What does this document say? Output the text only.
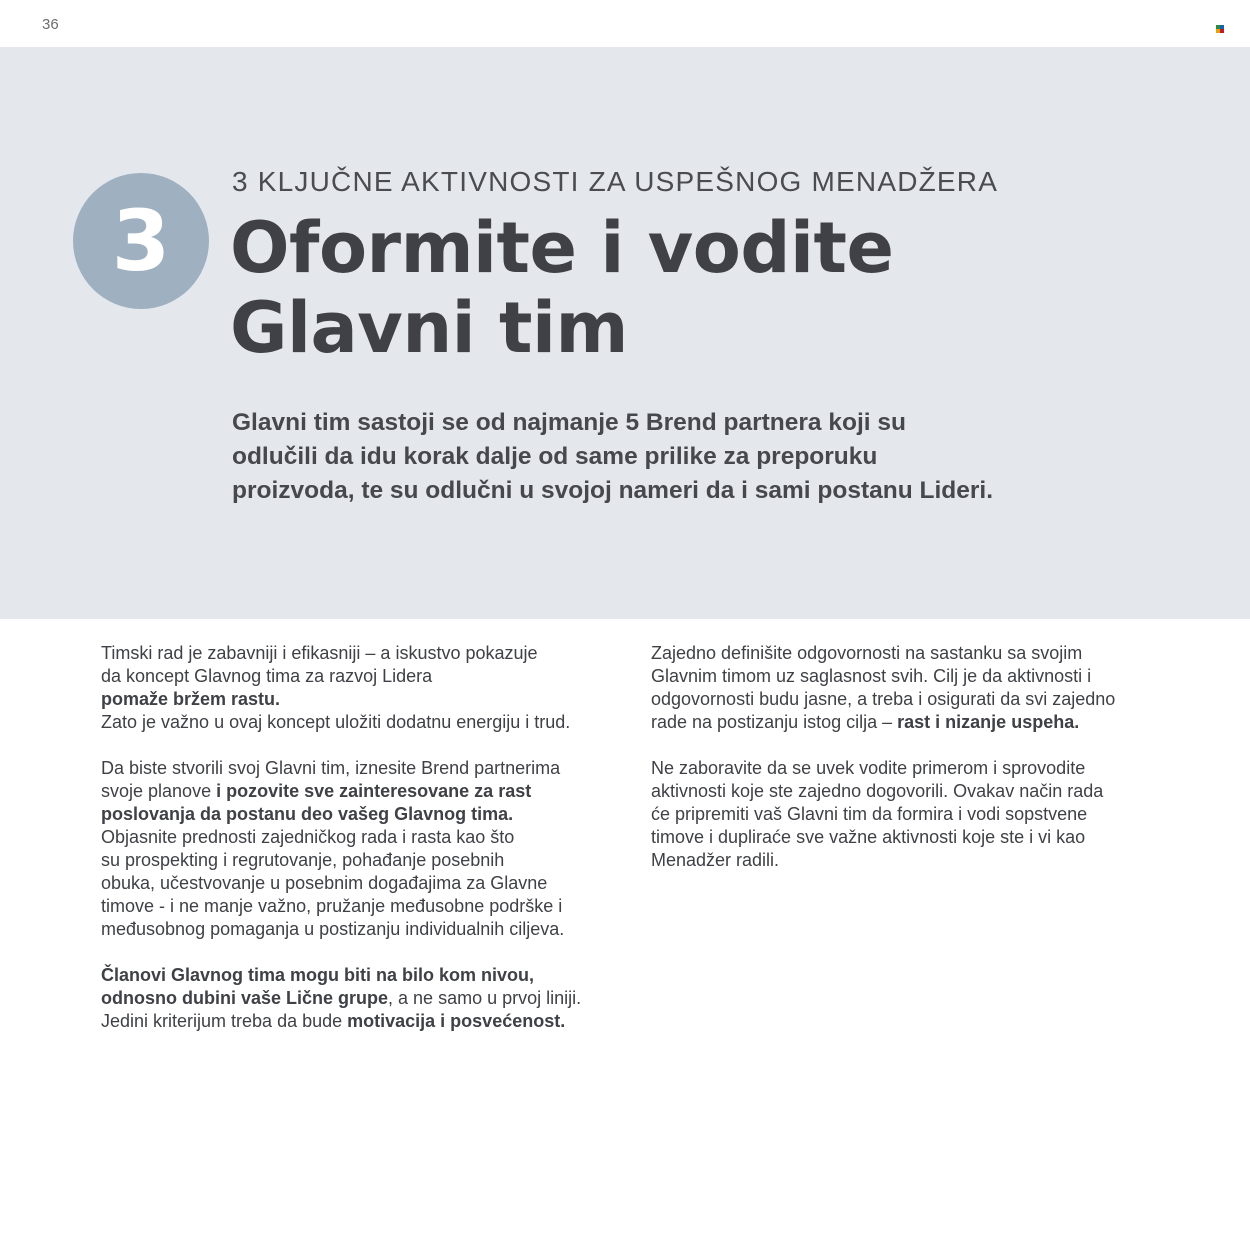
36
3
3 KLJUČNE AKTIVNOSTI ZA USPEŠNOG MENADŽERA
Oformite i vodite
Glavni tim

Glavni tim sastoji se od najmanje 5 Brend partnera koji su
odlučili da idu korak dalje od same prilike za preporuku
proizvoda, te su odlučni u svojoj nameri da i sami postanu Lideri.

Timski rad je zabavniji i efikasniji – a iskustvo pokazuje
da koncept Glavnog tima za razvoj Lidera
pomaže bržem rastu.
Zato je važno u ovaj koncept uložiti dodatnu energiju i trud.

Da biste stvorili svoj Glavni tim, iznesite Brend partnerima
svoje planove i pozovite sve zainteresovane za rast
poslovanja da postanu deo vašeg Glavnog tima.
Objasnite prednosti zajedničkog rada i rasta kao što
su prospekting i regrutovanje, pohađanje posebnih
obuka, učestvovanje u posebnim događajima za Glavne
timove - i ne manje važno, pružanje međusobne podrške i
međusobnog pomaganja u postizanju individualnih ciljeva.

Članovi Glavnog tima mogu biti na bilo kom nivou,
odnosno dubini vaše Lične grupe, a ne samo u prvoj liniji.
Jedini kriterijum treba da bude motivacija i posvećenost.

Zajedno definišite odgovornosti na sastanku sa svojim
Glavnim timom uz saglasnost svih. Cilj je da aktivnosti i
odgovornosti budu jasne, a treba i osigurati da svi zajedno
rade na postizanju istog cilja – rast i nizanje uspeha.

Ne zaboravite da se uvek vodite primerom i sprovodite
aktivnosti koje ste zajedno dogovorili. Ovakav način rada
će pripremiti vaš Glavni tim da formira i vodi sopstvene
timove i dupliraće sve važne aktivnosti koje ste i vi kao
Menadžer radili.
